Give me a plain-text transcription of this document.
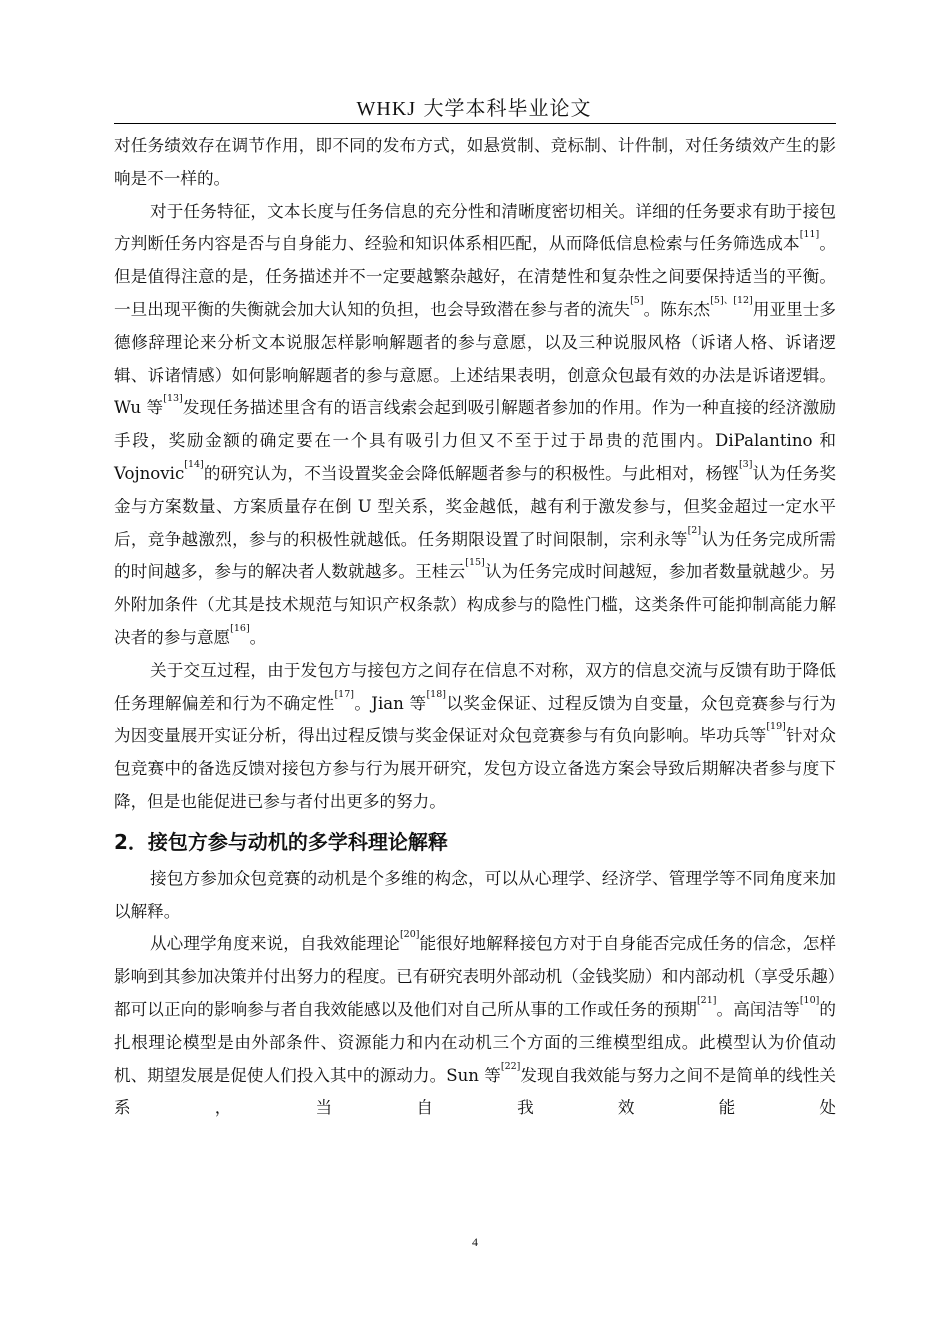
WHKJ 大学本科毕业论文

对任务绩效存在调节作用，即不同的发布方式，如悬赏制、竞标制、计件制，对任务绩效产生的影响是不一样的。

对于任务特征，文本长度与任务信息的充分性和清晰度密切相关。详细的任务要求有助于接包方判断任务内容是否与自身能力、经验和知识体系相匹配，从而降低信息检索与任务筛选成本[11]。但是值得注意的是，任务描述并不一定要越繁杂越好，在清楚性和复杂性之间要保持适当的平衡。一旦出现平衡的失衡就会加大认知的负担，也会导致潜在参与者的流失[5]。陈东杰[5]、[12]用亚里士多德修辞理论来分析文本说服怎样影响解题者的参与意愿，以及三种说服风格（诉诸人格、诉诸逻辑、诉诸情感）如何影响解题者的参与意愿。上述结果表明，创意众包最有效的办法是诉诸逻辑。Wu 等[13]发现任务描述里含有的语言线索会起到吸引解题者参加的作用。作为一种直接的经济激励手段，奖励金额的确定要在一个具有吸引力但又不至于过于昂贵的范围内。DiPalantino 和 Vojnovic[14]的研究认为，不当设置奖金会降低解题者参与的积极性。与此相对，杨铿[3]认为任务奖金与方案数量、方案质量存在倒 U 型关系，奖金越低，越有利于激发参与，但奖金超过一定水平后，竞争越激烈，参与的积极性就越低。任务期限设置了时间限制，宗利永等[2]认为任务完成所需的时间越多，参与的解决者人数就越多。王桂云[15]认为任务完成时间越短，参加者数量就越少。另外附加条件（尤其是技术规范与知识产权条款）构成参与的隐性门槛，这类条件可能抑制高能力解决者的参与意愿[16]。

关于交互过程，由于发包方与接包方之间存在信息不对称，双方的信息交流与反馈有助于降低任务理解偏差和行为不确定性[17]。Jian 等[18]以奖金保证、过程反馈为自变量，众包竞赛参与行为为因变量展开实证分析，得出过程反馈与奖金保证对众包竞赛参与有负向影响。毕功兵等[19]针对众包竞赛中的备选反馈对接包方参与行为展开研究，发包方设立备选方案会导致后期解决者参与度下降，但是也能促进已参与者付出更多的努力。

2．接包方参与动机的多学科理论解释

接包方参加众包竞赛的动机是个多维的构念，可以从心理学、经济学、管理学等不同角度来加以解释。

从心理学角度来说，自我效能理论[20]能很好地解释接包方对于自身能否完成任务的信念，怎样影响到其参加决策并付出努力的程度。已有研究表明外部动机（金钱奖励）和内部动机（享受乐趣）都可以正向的影响参与者自我效能感以及他们对自己所从事的工作或任务的预期[21]。高闰洁等[10]的扎根理论模型是由外部条件、资源能力和内在动机三个方面的三维模型组成。此模型认为价值动机、期望发展是促使人们投入其中的源动力。Sun 等[22]发现自我效能与努力之间不是简单的线性关系，当自我效能处

4
